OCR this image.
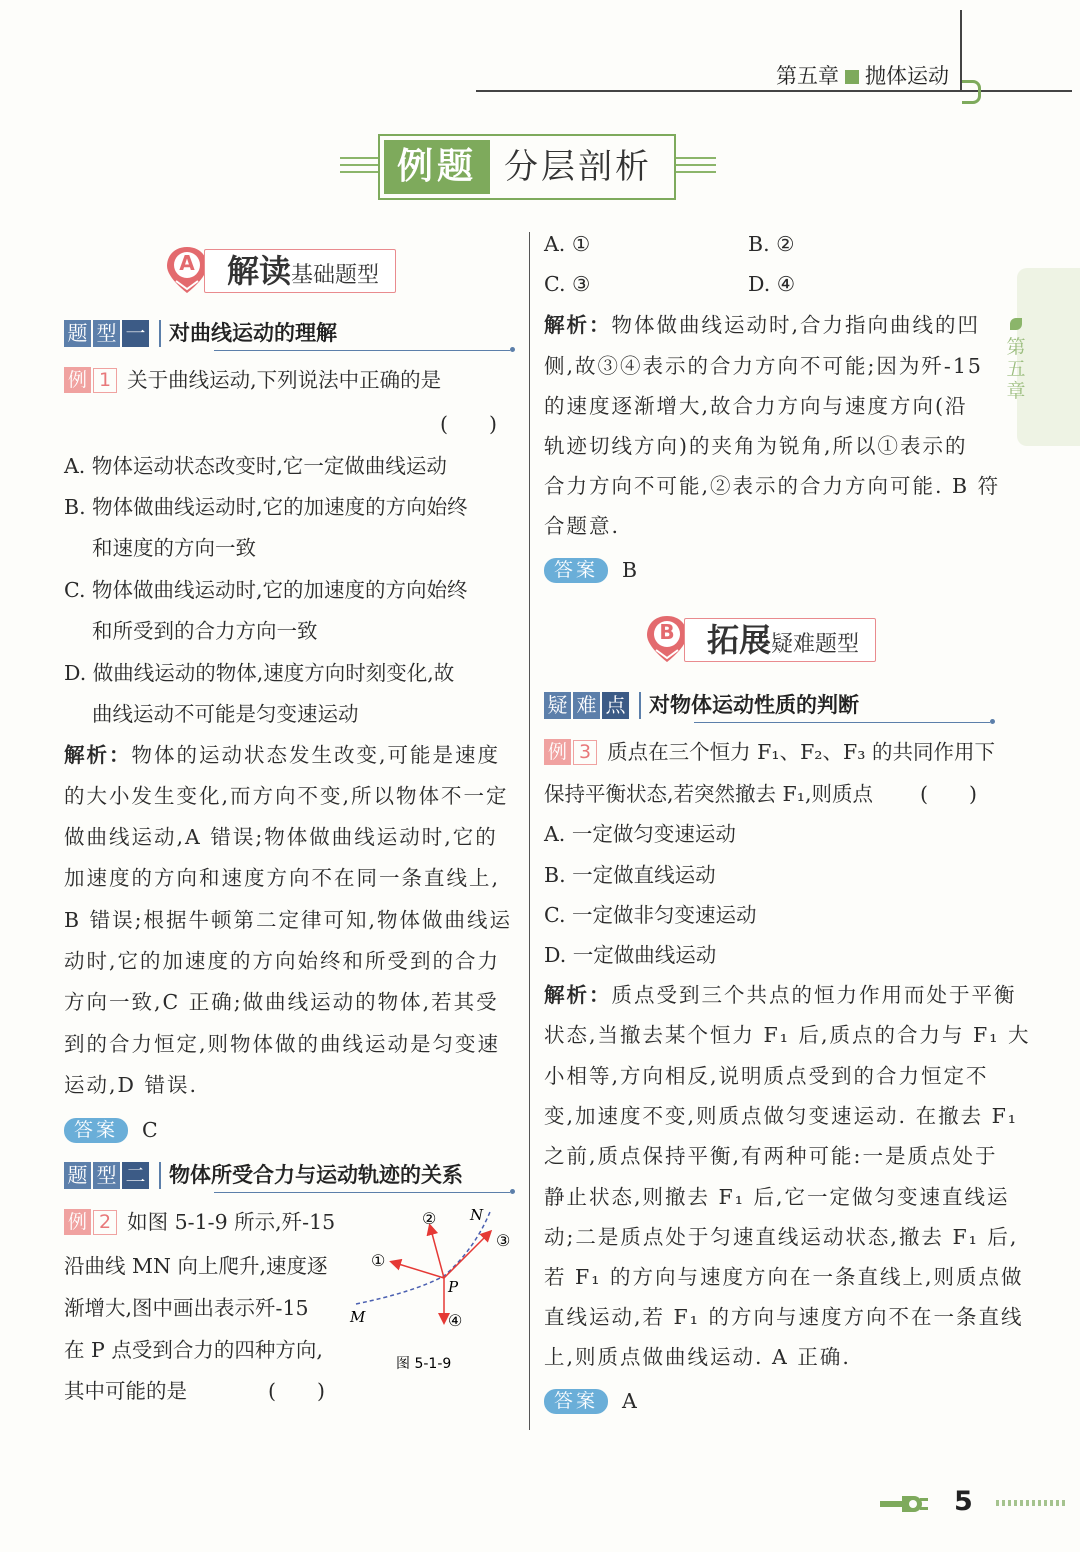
第五章 抛体运动
第五章
例题 分层剖析
A	解读基础题型
题 型 一 对曲线运动的理解
例 1 关于曲线运动,下列说法中正确的是
(　　)
A. 物体运动状态改变时,它一定做曲线运动
B. 物体做曲线运动时,它的加速度的方向始终
和速度的方向一致
C. 物体做曲线运动时,它的加速度的方向始终
和所受到的合力方向一致
D. 做曲线运动的物体,速度方向时刻变化,故
曲线运动不可能是匀变速运动
解析：物体的运动状态发生改变,可能是速度
的大小发生变化,而方向不变,所以物体不一定
做曲线运动,A 错误;物体做曲线运动时,它的
加速度的方向和速度方向不在同一条直线上,
B 错误;根据牛顿第二定律可知,物体做曲线运
动时,它的加速度的方向始终和所受到的合力
方向一致,C 正确;做曲线运动的物体,若其受
到的合力恒定,则物体做的曲线运动是匀变速
运动,D 错误.
答案 C
题 型 二 物体所受合力与运动轨迹的关系
例 2 如图 5-1-9 所示,歼-15
沿曲线 MN 向上爬升,速度逐
渐增大,图中画出表示歼-15
在 P 点受到合力的四种方向,
其中可能的是	(　　)
②
①
③
④
P
M
N
图 5-1-9
A. ①	B. ②
C. ③	D. ④
解析：物体做曲线运动时,合力指向曲线的凹
侧,故③④表示的合力方向不可能;因为歼-15
的速度逐渐增大,故合力方向与速度方向(沿
轨迹切线方向)的夹角为锐角,所以①表示的
合力方向不可能,②表示的合力方向可能. B 符
合题意.
答案 B
B	拓展疑难题型
疑 难 点 对物体运动性质的判断
例 3 质点在三个恒力 F₁、F₂、F₃ 的共同作用下
保持平衡状态,若突然撤去 F₁,则质点 (　　)
A. 一定做匀变速运动
B. 一定做直线运动
C. 一定做非匀变速运动
D. 一定做曲线运动
解析：质点受到三个共点的恒力作用而处于平衡
状态,当撤去某个恒力 F₁ 后,质点的合力与 F₁ 大
小相等,方向相反,说明质点受到的合力恒定不
变,加速度不变,则质点做匀变速运动. 在撤去 F₁
之前,质点保持平衡,有两种可能:一是质点处于
静止状态,则撤去 F₁ 后,它一定做匀变速直线运
动;二是质点处于匀速直线运动状态,撤去 F₁ 后,
若 F₁ 的方向与速度方向在一条直线上,则质点做
直线运动,若 F₁ 的方向与速度方向不在一条直线
上,则质点做曲线运动. A 正确.
答案 A
5
